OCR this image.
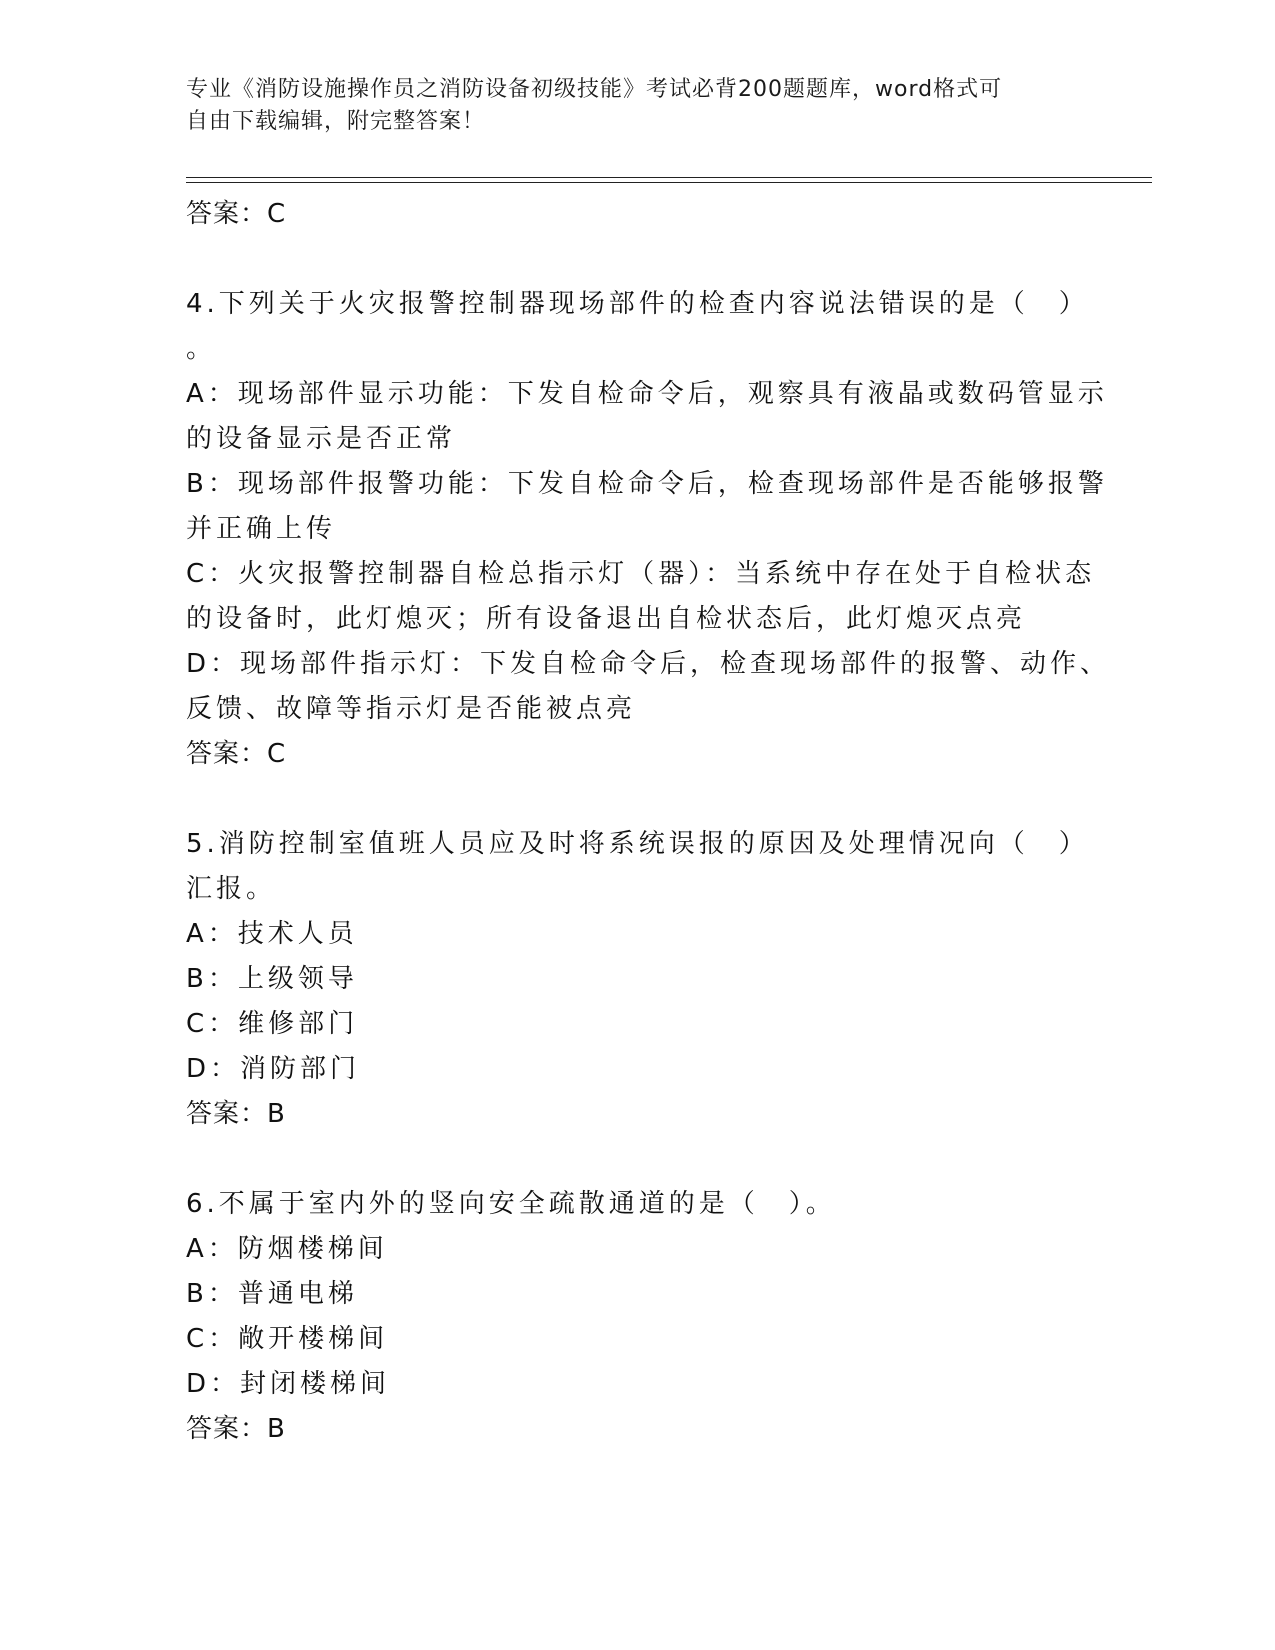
专业《消防设施操作员之消防设备初级技能》考试必背200题题库，word格式可
自由下载编辑，附完整答案！
答案：C
4.下列关于火灾报警控制器现场部件的检查内容说法错误的是（　）
。
A：现场部件显示功能：下发自检命令后，观察具有液晶或数码管显示
的设备显示是否正常
B：现场部件报警功能：下发自检命令后，检查现场部件是否能够报警
并正确上传
C：火灾报警控制器自检总指示灯（器）：当系统中存在处于自检状态
的设备时，此灯熄灭；所有设备退出自检状态后，此灯熄灭点亮
D：现场部件指示灯：下发自检命令后，检查现场部件的报警、动作、
反馈、故障等指示灯是否能被点亮
答案：C
5.消防控制室值班人员应及时将系统误报的原因及处理情况向（　）
汇报。
A：技术人员
B：上级领导
C：维修部门
D：消防部门
答案：B
6.不属于室内外的竖向安全疏散通道的是（　）。
A：防烟楼梯间
B：普通电梯
C：敞开楼梯间
D：封闭楼梯间
答案：B
